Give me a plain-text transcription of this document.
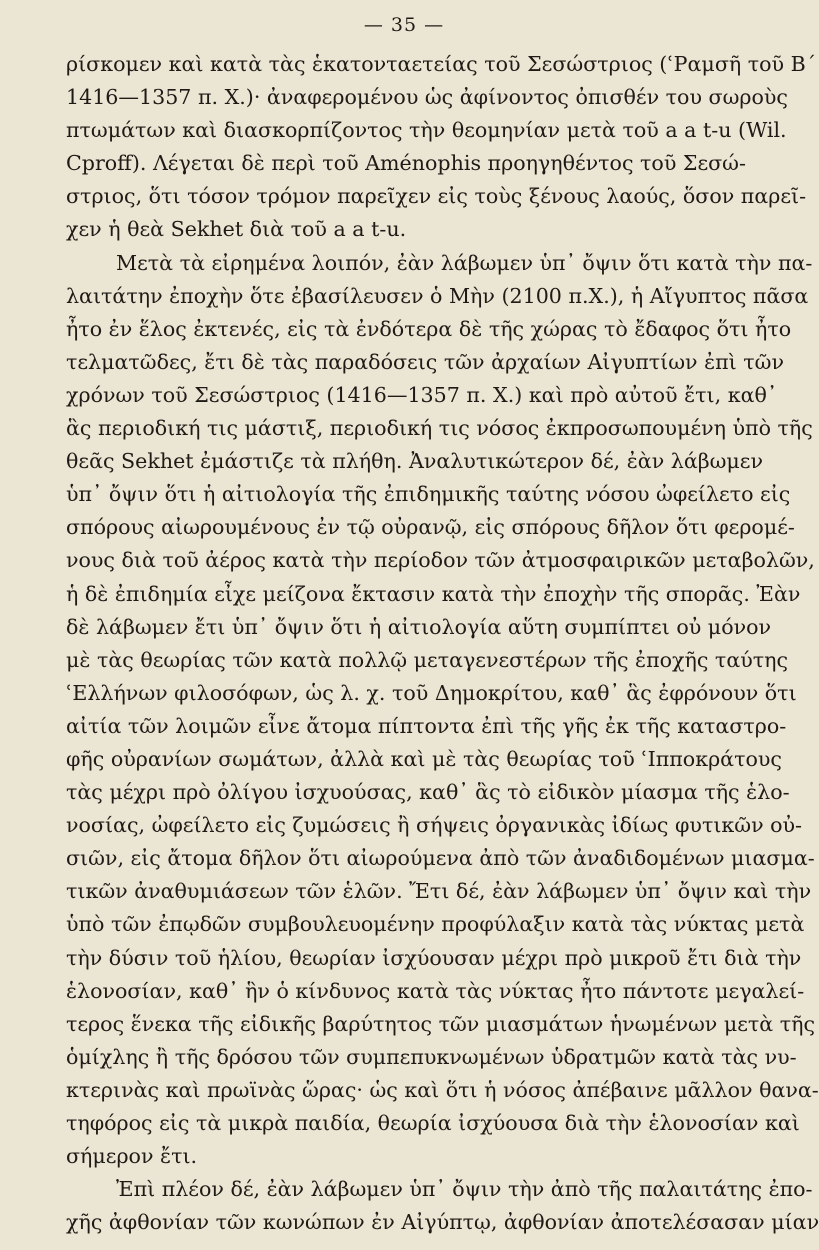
— 35 —
ρίσκομεν καὶ κατὰ τὰς ἑκατονταετείας τοῦ Σεσώστριος (ʿΡαμσῆ τοῦ Β´
1416—1357 π. Χ.)· ἀναφερομένου ὡς ἀφίνοντος ὀπισθέν του σωροὺς
πτωμάτων καὶ διασκορπίζοντος τὴν θεομηνίαν μετὰ τοῦ a a t-u (Wil.
Cproff). Λέγεται δὲ περὶ τοῦ Aménophis προηγηθέντος τοῦ Σεσώ-
στριος, ὅτι τόσον τρόμον παρεῖχεν εἰς τοὺς ξένους λαούς, ὅσον παρεῖ-
χεν ἡ θεὰ Sekhet διὰ τοῦ a a t-u.
Μετὰ τὰ εἰρημένα λοιπόν, ἐὰν λάβωμεν ὑπ᾽ ὄψιν ὅτι κατὰ τὴν πα-
λαιτάτην ἐποχὴν ὅτε ἐβασίλευσεν ὁ Μὴν (2100 π.Χ.), ἡ Αἴγυπτος πᾶσα
ἦτο ἐν ἕλος ἐκτενές, εἰς τὰ ἐνδότερα δὲ τῆς χώρας τὸ ἔδαφος ὅτι ἦτο
τελματῶδες, ἔτι δὲ τὰς παραδόσεις τῶν ἀρχαίων Αἰγυπτίων ἐπὶ τῶν
χρόνων τοῦ Σεσώστριος (1416—1357 π. Χ.) καὶ πρὸ αὐτοῦ ἔτι, καθ᾽
ἃς περιοδική τις μάστιξ, περιοδική τις νόσος ἐκπροσωπουμένη ὑπὸ τῆς
θεᾶς Sekhet ἐμάστιζε τὰ πλήθη. Ἀναλυτικώτερον δέ, ἐὰν λάβωμεν
ὑπ᾽ ὄψιν ὅτι ἡ αἰτιολογία τῆς ἐπιδημικῆς ταύτης νόσου ὠφείλετο εἰς
σπόρους αἰωρουμένους ἐν τῷ οὐρανῷ, εἰς σπόρους δῆλον ὅτι φερομέ-
νους διὰ τοῦ ἀέρος κατὰ τὴν περίοδον τῶν ἀτμοσφαιρικῶν μεταβολῶν,
ἡ δὲ ἐπιδημία εἶχε μείζονα ἔκτασιν κατὰ τὴν ἐποχὴν τῆς σπορᾶς. Ἐὰν
δὲ λάβωμεν ἔτι ὑπ᾽ ὄψιν ὅτι ἡ αἰτιολογία αὕτη συμπίπτει οὐ μόνον
μὲ τὰς θεωρίας τῶν κατὰ πολλῷ μεταγενεστέρων τῆς ἐποχῆς ταύτης
ʿΕλλήνων φιλοσόφων, ὡς λ. χ. τοῦ Δημοκρίτου, καθ᾽ ἃς ἐφρόνουν ὅτι
αἰτία τῶν λοιμῶν εἶνε ἄτομα πίπτοντα ἐπὶ τῆς γῆς ἐκ τῆς καταστρο-
φῆς οὐρανίων σωμάτων, ἀλλὰ καὶ μὲ τὰς θεωρίας τοῦ ʿΙπποκράτους
τὰς μέχρι πρὸ ὀλίγου ἰσχυούσας, καθ᾽ ἃς τὸ εἰδικὸν μίασμα τῆς ἑλο-
νοσίας, ὠφείλετο εἰς ζυμώσεις ἢ σήψεις ὀργανικὰς ἰδίως φυτικῶν οὐ-
σιῶν, εἰς ἄτομα δῆλον ὅτι αἰωρούμενα ἀπὸ τῶν ἀναδιδομένων μιασμα-
τικῶν ἀναθυμιάσεων τῶν ἑλῶν. Ἔτι δέ, ἐὰν λάβωμεν ὑπ᾽ ὄψιν καὶ τὴν
ὑπὸ τῶν ἐπῳδῶν συμβουλευομένην προφύλαξιν κατὰ τὰς νύκτας μετὰ
τὴν δύσιν τοῦ ἡλίου, θεωρίαν ἰσχύουσαν μέχρι πρὸ μικροῦ ἔτι διὰ τὴν
ἑλονοσίαν, καθ᾽ ἣν ὁ κίνδυνος κατὰ τὰς νύκτας ἦτο πάντοτε μεγαλεί-
τερος ἕνεκα τῆς εἰδικῆς βαρύτητος τῶν μιασμάτων ἡνωμένων μετὰ τῆς
ὁμίχλης ἢ τῆς δρόσου τῶν συμπεπυκνωμένων ὑδρατμῶν κατὰ τὰς νυ-
κτερινὰς καὶ πρωϊνὰς ὥρας· ὡς καὶ ὅτι ἡ νόσος ἀπέβαινε μᾶλλον θανα-
τηφόρος εἰς τὰ μικρὰ παιδία, θεωρία ἰσχύουσα διὰ τὴν ἑλονοσίαν καὶ
σήμερον ἔτι.
Ἐπὶ πλέον δέ, ἐὰν λάβωμεν ὑπ᾽ ὄψιν τὴν ἀπὸ τῆς παλαιτάτης ἐπο-
χῆς ἀφθονίαν τῶν κωνώπων ἐν Αἰγύπτῳ, ἀφθονίαν ἀποτελέσασαν μίαν
